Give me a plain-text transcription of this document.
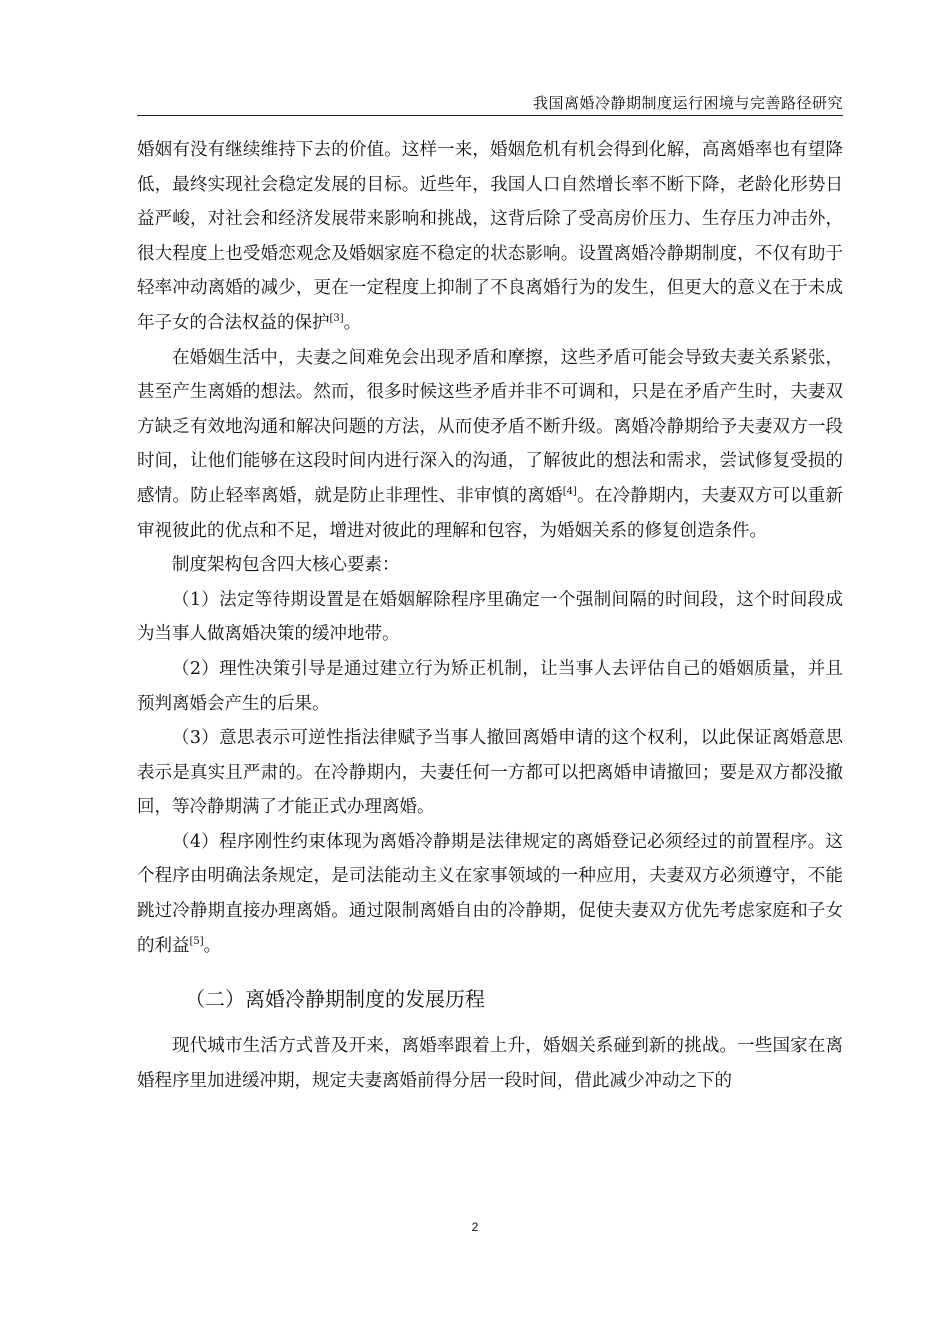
我国离婚冷静期制度运行困境与完善路径研究

婚姻有没有继续维持下去的价值。这样一来，婚姻危机有机会得到化解，高离婚率也有望降低，最终实现社会稳定发展的目标。近些年，我国人口自然增长率不断下降，老龄化形势日益严峻，对社会和经济发展带来影响和挑战，这背后除了受高房价压力、生存压力冲击外，很大程度上也受婚恋观念及婚姻家庭不稳定的状态影响。设置离婚冷静期制度，不仅有助于轻率冲动离婚的减少，更在一定程度上抑制了不良离婚行为的发生，但更大的意义在于未成年子女的合法权益的保护[3]。

在婚姻生活中，夫妻之间难免会出现矛盾和摩擦，这些矛盾可能会导致夫妻关系紧张，甚至产生离婚的想法。然而，很多时候这些矛盾并非不可调和，只是在矛盾产生时，夫妻双方缺乏有效地沟通和解决问题的方法，从而使矛盾不断升级。离婚冷静期给予夫妻双方一段时间，让他们能够在这段时间内进行深入的沟通，了解彼此的想法和需求，尝试修复受损的感情。防止轻率离婚，就是防止非理性、非审慎的离婚[4]。在冷静期内，夫妻双方可以重新审视彼此的优点和不足，增进对彼此的理解和包容，为婚姻关系的修复创造条件。

制度架构包含四大核心要素：

（1）法定等待期设置是在婚姻解除程序里确定一个强制间隔的时间段，这个时间段成为当事人做离婚决策的缓冲地带。

（2）理性决策引导是通过建立行为矫正机制，让当事人去评估自己的婚姻质量，并且预判离婚会产生的后果。

（3）意思表示可逆性指法律赋予当事人撤回离婚申请的这个权利，以此保证离婚意思表示是真实且严肃的。在冷静期内，夫妻任何一方都可以把离婚申请撤回；要是双方都没撤回，等冷静期满了才能正式办理离婚。

（4）程序刚性约束体现为离婚冷静期是法律规定的离婚登记必须经过的前置程序。这个程序由明确法条规定，是司法能动主义在家事领域的一种应用，夫妻双方必须遵守，不能跳过冷静期直接办理离婚。通过限制离婚自由的冷静期，促使夫妻双方优先考虑家庭和子女的利益[5]。

（二）离婚冷静期制度的发展历程

现代城市生活方式普及开来，离婚率跟着上升，婚姻关系碰到新的挑战。一些国家在离婚程序里加进缓冲期，规定夫妻离婚前得分居一段时间，借此减少冲动之下的

2
